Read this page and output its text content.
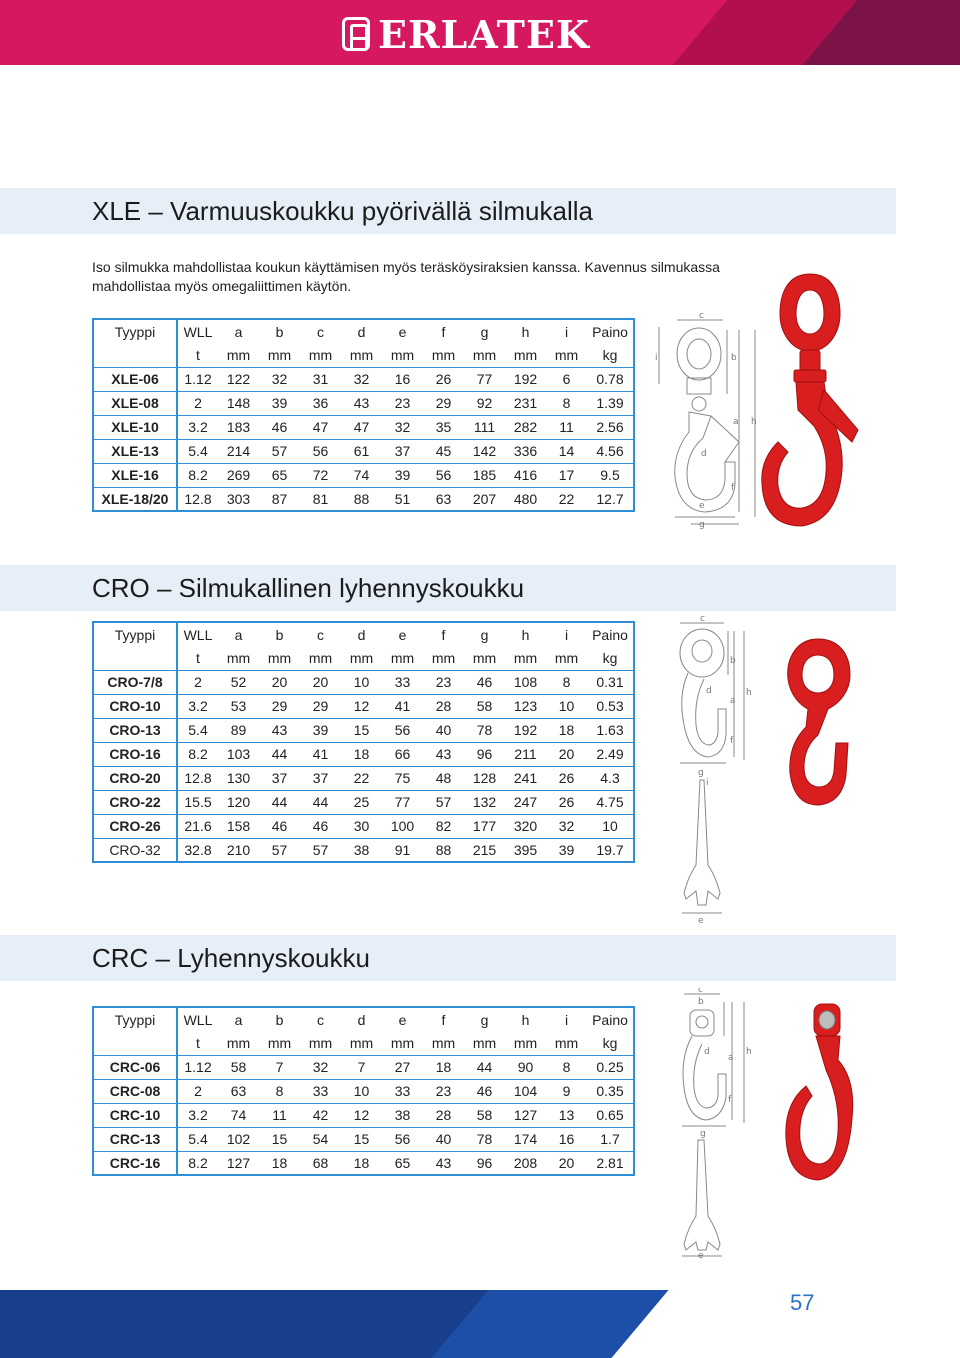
ERLATEK
XLE – Varmuuskoukku pyörivällä silmukalla

Iso silmukka mahdollistaa koukun käyttämisen myös teräsköysiraksien kanssa. Kavennus silmukassa mahdollistaa myös omegaliittimen käytön.

Tyyppi	WLL	a	b	c	d	e	f	g	h	i	Paino
	t	mm	mm	mm	mm	mm	mm	mm	mm	mm	kg
XLE-06	1.12	122	32	31	32	16	26	77	192	6	0.78
XLE-08	2	148	39	36	43	23	29	92	231	8	1.39
XLE-10	3.2	183	46	47	47	32	35	111	282	11	2.56
XLE-13	5.4	214	57	56	61	37	45	142	336	14	4.56
XLE-16	8.2	269	65	72	74	39	56	185	416	17	9.5
XLE-18/20	12.8	303	87	81	88	51	63	207	480	22	12.7
CRO – Silmukallinen lyhennyskoukku
Tyyppi	WLL	a	b	c	d	e	f	g	h	i	Paino
	t	mm	mm	mm	mm	mm	mm	mm	mm	mm	kg
CRO-7/8	2	52	20	20	10	33	23	46	108	8	0.31
CRO-10	3.2	53	29	29	12	41	28	58	123	10	0.53
CRO-13	5.4	89	43	39	15	56	40	78	192	18	1.63
CRO-16	8.2	103	44	41	18	66	43	96	211	20	2.49
CRO-20	12.8	130	37	37	22	75	48	128	241	26	4.3
CRO-22	15.5	120	44	44	25	77	57	132	247	26	4.75
CRO-26	21.6	158	46	46	30	100	82	177	320	32	10
CRO-32	32.8	210	57	57	38	91	88	215	395	39	19.7
CRC – Lyhennyskoukku
Tyyppi	WLL	a	b	c	d	e	f	g	h	i	Paino
	t	mm	mm	mm	mm	mm	mm	mm	mm	mm	kg
CRC-06	1.12	58	7	32	7	27	18	44	90	8	0.25
CRC-08	2	63	8	33	10	33	23	46	104	9	0.35
CRC-10	3.2	74	11	42	12	38	28	58	127	13	0.65
CRC-13	5.4	102	15	54	15	56	40	78	174	16	1.7
CRC-16	8.2	127	18	68	18	65	43	96	208	20	2.81
c
b
i
a h
d
f
e
g
c
b
a
h
d
f
g
i
e
c
b
a
h
d
f
g
e
57
